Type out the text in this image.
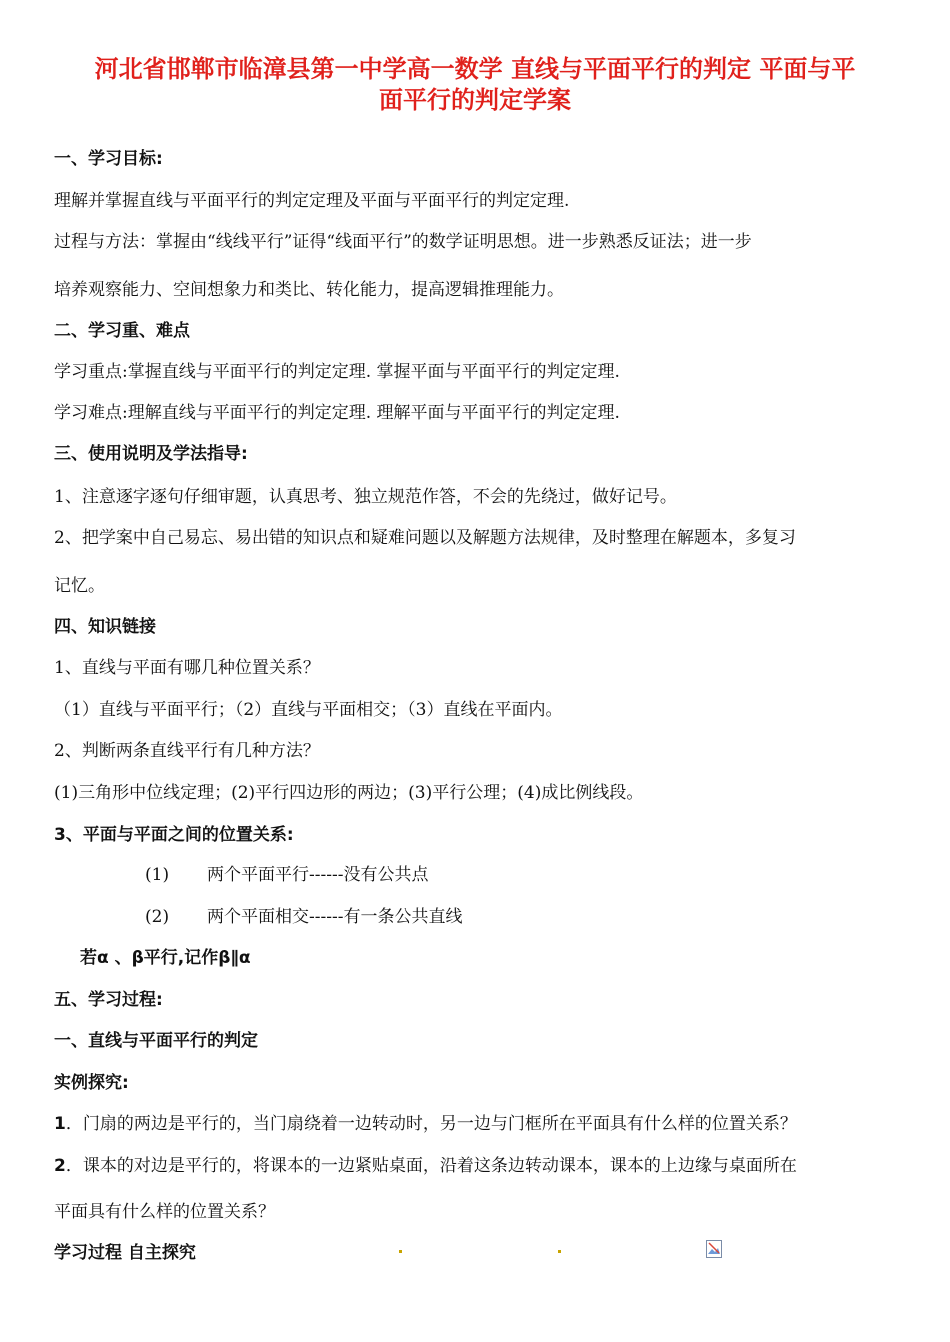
河北省邯郸市临漳县第一中学高一数学 直线与平面平行的判定 平面与平
面平行的判定学案
一、学习目标:
理解并掌握直线与平面平行的判定定理及平面与平面平行的判定定理.
过程与方法：掌握由“线线平行”证得“线面平行”的数学证明思想。进一步熟悉反证法；进一步
培养观察能力、空间想象力和类比、转化能力，提高逻辑推理能力。
二、学习重、难点
学习重点:掌握直线与平面平行的判定定理. 掌握平面与平面平行的判定定理.
学习难点:理解直线与平面平行的判定定理. 理解平面与平面平行的判定定理.
三、使用说明及学法指导:
1、注意逐字逐句仔细审题，认真思考、独立规范作答，不会的先绕过，做好记号。
2、把学案中自己易忘、易出错的知识点和疑难问题以及解题方法规律，及时整理在解题本，多复习
记忆。
四、知识链接
1、直线与平面有哪几种位置关系？
（1）直线与平面平行；（2）直线与平面相交；（3）直线在平面内。
2、判断两条直线平行有几种方法？
(1)三角形中位线定理；(2)平行四边形的两边；(3)平行公理；(4)成比例线段。
3、平面与平面之间的位置关系:
(1) 两个平面平行------没有公共点
(2) 两个平面相交------有一条公共直线
若α 、β平行,记作β∥α
五、学习过程:
一、直线与平面平行的判定
实例探究:
1．门扇的两边是平行的，当门扇绕着一边转动时，另一边与门框所在平面具有什么样的位置关系？
2．课本的对边是平行的，将课本的一边紧贴桌面，沿着这条边转动课本，课本的上边缘与桌面所在
平面具有什么样的位置关系？
学习过程 自主探究
